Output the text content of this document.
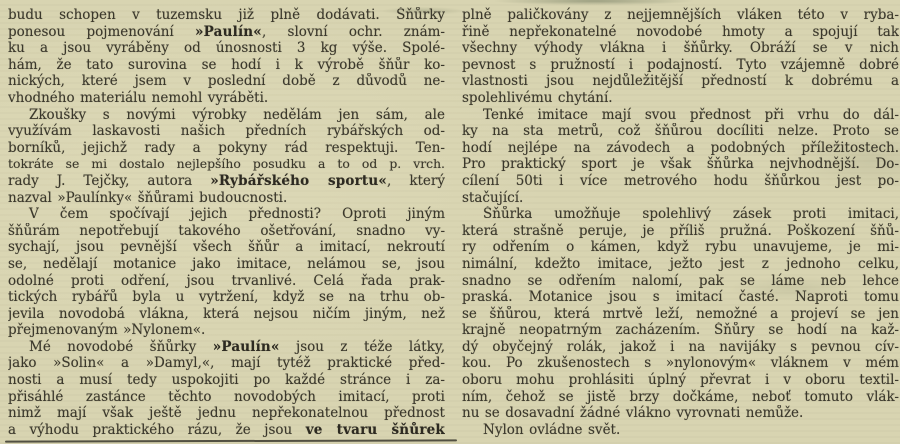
budu schopen v tuzemsku již plně dodávati. Šňůrky
ponesou pojmenování »Paulín«, slovní ochr. znám-
ku a jsou vyráběny od únosnosti 3 kg výše. Spolé-
hám, že tato surovina se hodí i k výrobě šňůr ko-
nických, které jsem v poslední době z důvodů ne-
vhodného materiálu nemohl vyráběti.
Zkoušky s novými výrobky nedělám jen sám, ale
využívám laskavosti našich předních rybářských od-
borníků, jejichž rady a pokyny rád respektuji. Ten-
tokráte se mi dostalo nejlepšího posudku a to od p. vrch.
rady J. Tejčky, autora »Rybářského sportu«, který
nazval »Paulínky« šňůrami budoucnosti.
V čem spočívají jejich přednosti? Oproti jiným
šňůrám nepotřebují takového ošetřování, snadno vy-
sychají, jsou pevnější všech šňůr a imitací, nekroutí
se, nedělají motanice jako imitace, nelámou se, jsou
odolné proti odření, jsou trvanlivé. Celá řada prak-
tických rybářů byla u vytržení, když se na trhu ob-
jevila novodobá vlákna, která nejsou ničím jiným, než
přejmenovaným »Nylonem«.
Mé novodobé šňůrky »Paulín« jsou z téže látky,
jako »Solin« a »Damyl,«, mají tytéž praktické před-
nosti a musí tedy uspokojiti po každé stránce i za-
přisáhlé zastánce těchto novodobých imitací, proti
nimž mají však ještě jednu nepřekonatelnou přednost
a výhodu praktického rázu, že jsou ve tvaru šňůrek
plně paličkovány z nejjemnějších vláken této v ryba-
řině nepřekonatelné novodobé hmoty a spojují tak
všechny výhody vlákna i šňůrky. Obráží se v nich
pevnost s pružností i podajností. Tyto vzájemně dobré
vlastnosti jsou nejdůležitější předností k dobrému a
spolehlivému chytání.
Tenké imitace mají svou přednost při vrhu do dál-
ky na sta metrů, což šňůrou docíliti nelze. Proto se
hodí nejlépe na závodech a podobných příležitostech.
Pro praktický sport je však šňůrka nejvhodnější. Do-
cílení 50ti i více metrového hodu šňůrkou jest po-
stačující.
Šňůrka umožňuje spolehlivý zásek proti imitaci,
která strašně peruje, je příliš pružná. Poškození šňů-
ry odřením o kámen, když rybu unavujeme, je mi-
nimální, kdežto imitace, ježto jest z jednoho celku,
snadno se odřením nalomí, pak se láme neb lehce
praská. Motanice jsou s imitací časté. Naproti tomu
se šňůrou, která mrtvě leží, nemožné a projeví se jen
krajně neopatrným zacházením. Šňůry se hodí na kaž-
dý obyčejný rolák, jakož i na navijáky s pevnou cív-
kou. Po zkušenostech s »nylonovým« vláknem v mém
oboru mohu prohlásiti úplný převrat i v oboru textil-
ním, čehož se jistě brzy dočkáme, neboť tomuto vlák-
nu se dosavadní žádné vlákno vyrovnati nemůže.
Nylon ovládne svět.
